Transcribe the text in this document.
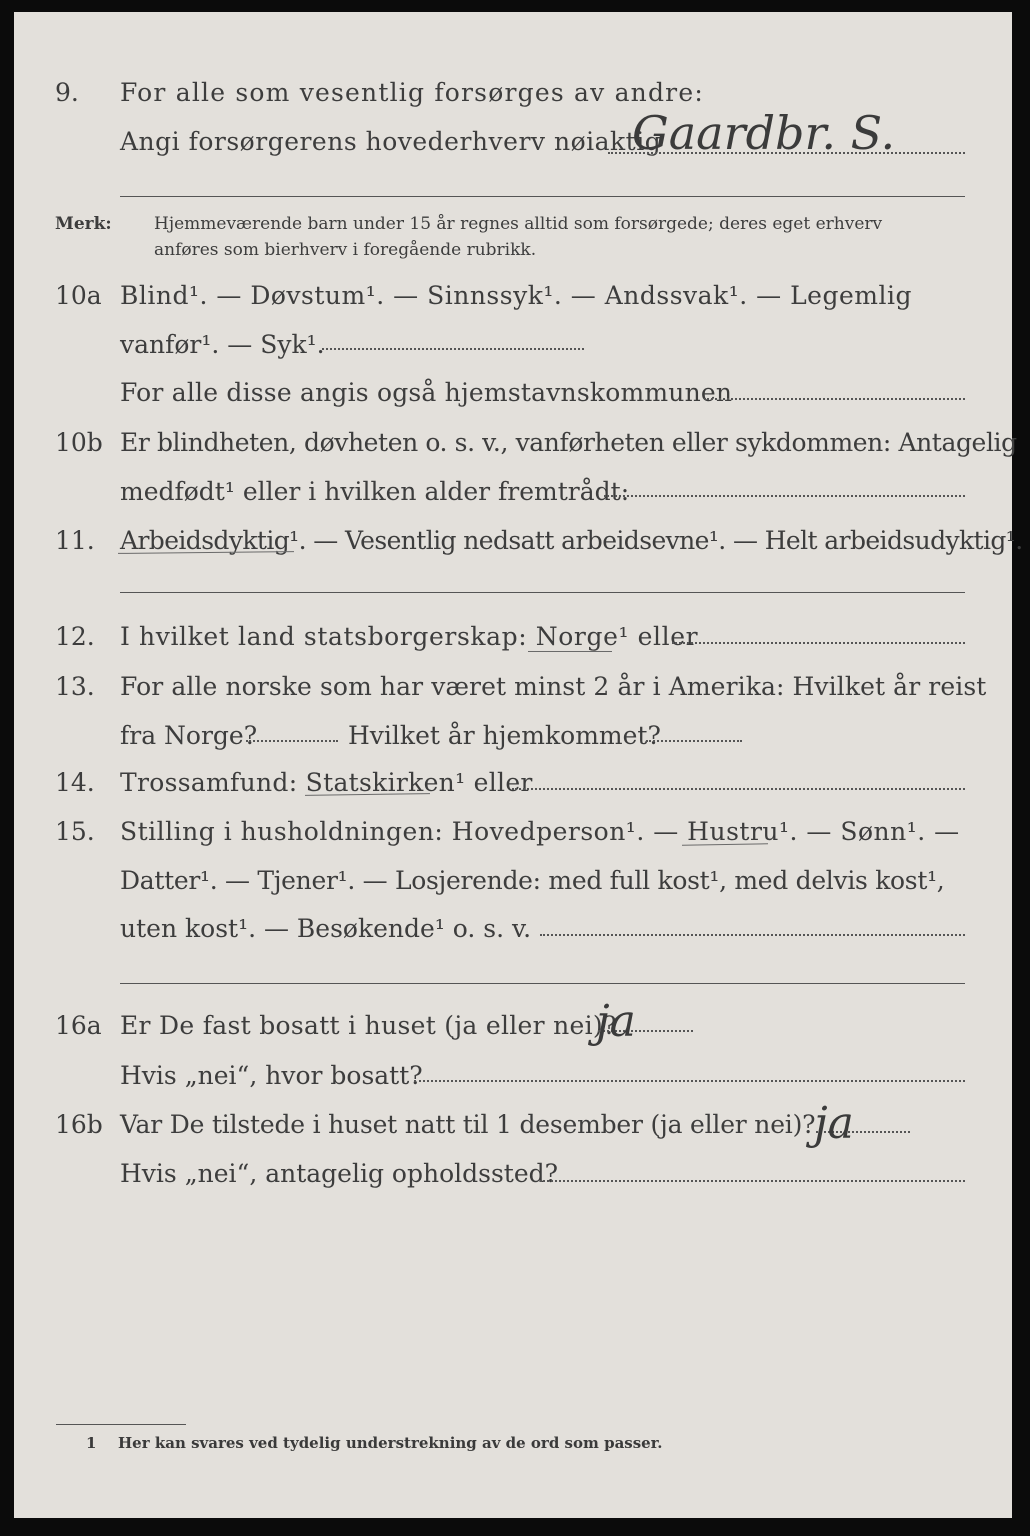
9. For alle som vesentlig forsørges av andre:
Angi forsørgerens hovederhverv nøiaktig
Gaardbr. S.
Merk: Hjemmeværende barn under 15 år regnes alltid som forsørgede; deres eget erhverv
anføres som bierhverv i foregående rubrikk.
10a Blind¹. — Døvstum¹. — Sinnssyk¹. — Andssvak¹. — Legemlig
vanfør¹. — Syk¹.
For alle disse angis også hjemstavnskommunen
10b Er blindheten, døvheten o. s. v., vanførheten eller sykdommen: Antagelig
medfødt¹ eller i hvilken alder fremtrådt:
11. Arbeidsdyktig¹. — Vesentlig nedsatt arbeidsevne¹. — Helt arbeidsudyktig¹.
12. I hvilket land statsborgerskap: Norge¹ eller
13. For alle norske som har været minst 2 år i Amerika: Hvilket år reist
fra Norge?	Hvilket år hjemkommet?
14. Trossamfund: Statskirken¹ eller
15. Stilling i husholdningen: Hovedperson¹. — Hustru¹. — Sønn¹. —
Datter¹. — Tjener¹. — Losjerende: med full kost¹, med delvis kost¹,
uten kost¹. — Besøkende¹ o. s. v.
16a Er De fast bosatt i huset (ja eller nei)?
ja
Hvis „nei“, hvor bosatt?
16b Var De tilstede i huset natt til 1 desember (ja eller nei)?
ja
Hvis „nei“, antagelig opholdssted?
1 Her kan svares ved tydelig understrekning av de ord som passer.
